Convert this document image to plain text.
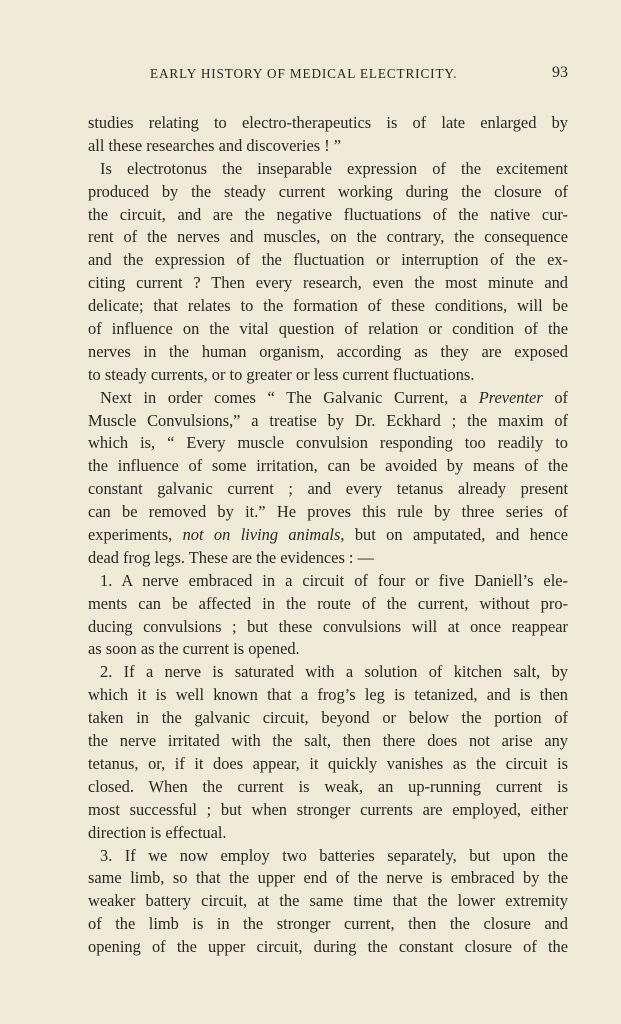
EARLY HISTORY OF MEDICAL ELECTRICITY.	93
studies relating to electro-therapeutics is of late enlarged by
all these researches and discoveries ! ”
Is electrotonus the inseparable expression of the excitement
produced by the steady current working during the closure of
the circuit, and are the negative fluctuations of the native cur-
rent of the nerves and muscles, on the contrary, the consequence
and the expression of the fluctuation or interruption of the ex-
citing current ? Then every research, even the most minute and
delicate; that relates to the formation of these conditions, will be
of influence on the vital question of relation or condition of the
nerves in the human organism, according as they are exposed
to steady currents, or to greater or less current fluctuations.
Next in order comes “ The Galvanic Current, a Preventer of
Muscle Convulsions,” a treatise by Dr. Eckhard ; the maxim of
which is, “ Every muscle convulsion responding too readily to
the influence of some irritation, can be avoided by means of the
constant galvanic current ; and every tetanus already present
can be removed by it.” He proves this rule by three series of
experiments, not on living animals, but on amputated, and hence
dead frog legs. These are the evidences : —
1. A nerve embraced in a circuit of four or five Daniell’s ele-
ments can be affected in the route of the current, without pro-
ducing convulsions ; but these convulsions will at once reappear
as soon as the current is opened.
2. If a nerve is saturated with a solution of kitchen salt, by
which it is well known that a frog’s leg is tetanized, and is then
taken in the galvanic circuit, beyond or below the portion of
the nerve irritated with the salt, then there does not arise any
tetanus, or, if it does appear, it quickly vanishes as the circuit is
closed. When the current is weak, an up-running current is
most successful ; but when stronger currents are employed, either
direction is effectual.
3. If we now employ two batteries separately, but upon the
same limb, so that the upper end of the nerve is embraced by the
weaker battery circuit, at the same time that the lower extremity
of the limb is in the stronger current, then the closure and
opening of the upper circuit, during the constant closure of the
